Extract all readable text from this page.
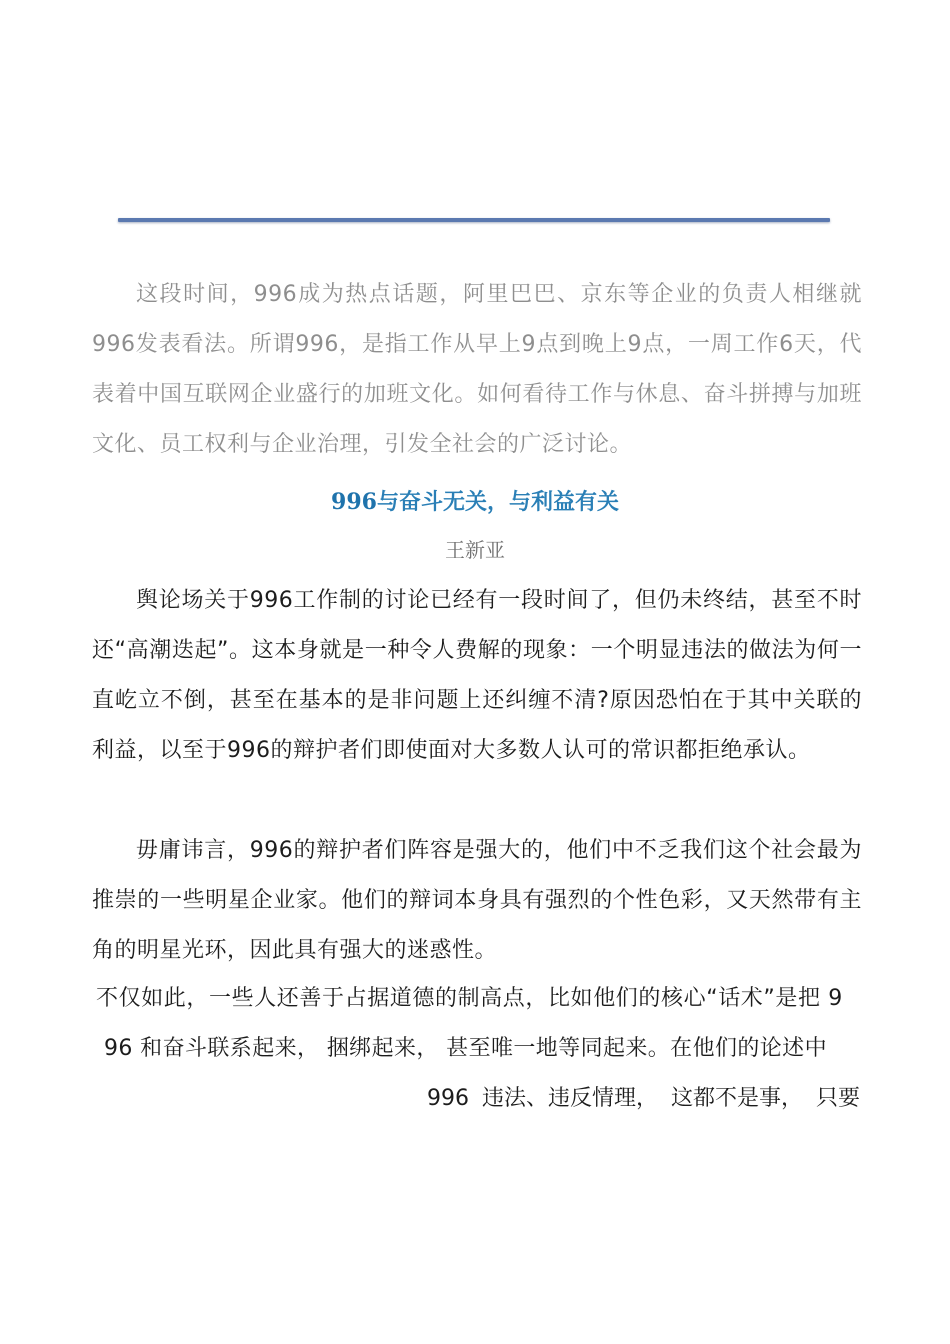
这段时间，996成为热点话题，阿里巴巴、京东等企业的负责人相继就996发表看法。所谓996，是指工作从早上9点到晚上9点，一周工作6天，代表着中国互联网企业盛行的加班文化。如何看待工作与休息、奋斗拼搏与加班文化、员工权利与企业治理，引发全社会的广泛讨论。

996与奋斗无关，与利益有关

王新亚

舆论场关于996工作制的讨论已经有一段时间了，但仍未终结，甚至不时还“高潮迭起”。这本身就是一种令人费解的现象：一个明显违法的做法为何一直屹立不倒，甚至在基本的是非问题上还纠缠不清?原因恐怕在于其中关联的利益，以至于996的辩护者们即使面对大多数人认可的常识都拒绝承认。

毋庸讳言，996的辩护者们阵容是强大的，他们中不乏我们这个社会最为推崇的一些明星企业家。他们的辩词本身具有强烈的个性色彩，又天然带有主角的明星光环，因此具有强大的迷惑性。

不仅如此，一些人还善于占据道德的制高点，比如他们的核心“话术”是把 9
96 和奋斗联系起来， 捆绑起来， 甚至唯一地等同起来。在他们的论述中
996 违法、违反情理， 这都不是事， 只要
